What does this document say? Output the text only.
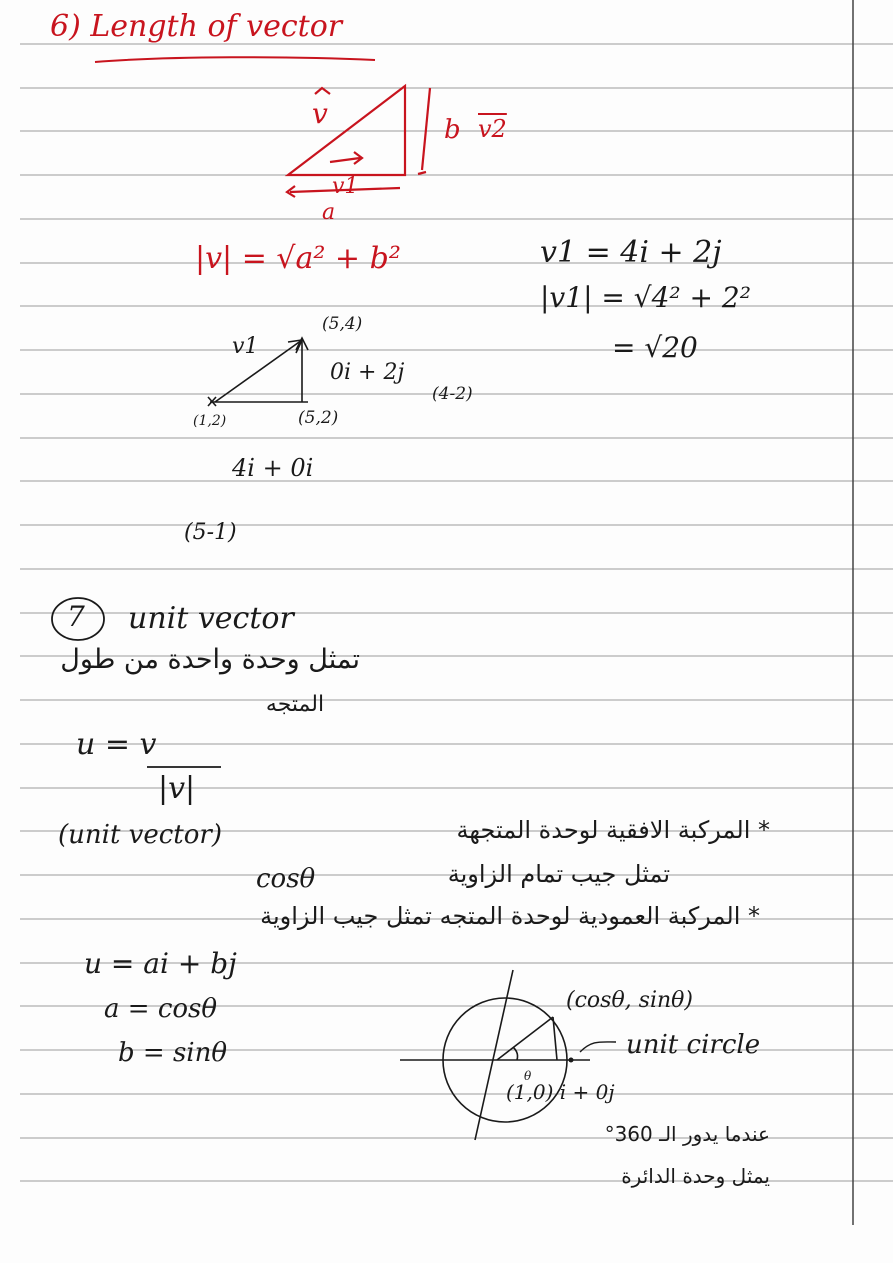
6) Length of vector
v	b v2
v1
a
|v| = √a² + b²	v1 = 4i + 2j
|v1| = √4² + 2²
= √20
v1
(5,4)
0i + 2j
(4-2)
(1,2)	(5,2)
4i + 0i
(5-1)
7 unit vector
تمثل وحدة واحدة من طول
المتجه
u = v
|v|
(unit vector)	* المركبة الافقية لوحدة المتجهة
cosθ	تمثل جيب تمام الزاوية
* المركبة العمودية لوحدة المتجه تمثل جيب الزاوية
u = ai + bj
a = cosθ
b = sinθ
θ
(cosθ, sinθ)
unit circle
(1,0) i + 0j
عندما يدور الـ 360°
يمثل وحدة الدائرة
